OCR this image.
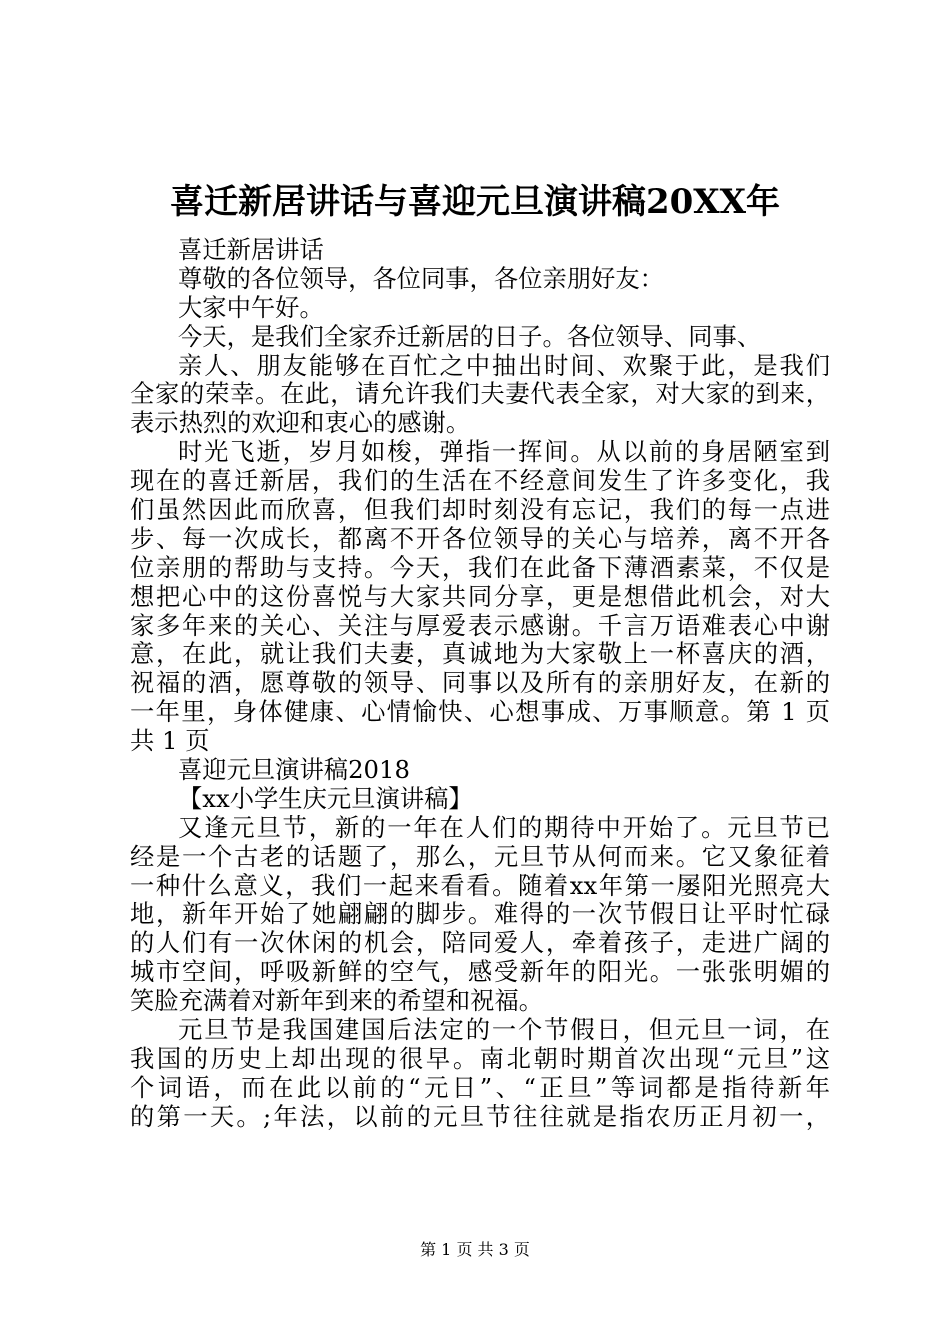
喜迁新居讲话与喜迎元旦演讲稿20XX年
喜迁新居讲话
尊敬的各位领导，各位同事，各位亲朋好友：
大家中午好。
今天，是我们全家乔迁新居的日子。各位领导、同事、
亲人、朋友能够在百忙之中抽出时间、欢聚于此，是我们
全家的荣幸。在此，请允许我们夫妻代表全家，对大家的到来，
表示热烈的欢迎和衷心的感谢。
时光飞逝，岁月如梭，弹指一挥间。从以前的身居陋室到
现在的喜迁新居，我们的生活在不经意间发生了许多变化，我
们虽然因此而欣喜，但我们却时刻没有忘记，我们的每一点进
步、每一次成长，都离不开各位领导的关心与培养，离不开各
位亲朋的帮助与支持。今天，我们在此备下薄酒素菜，不仅是
想把心中的这份喜悦与大家共同分享，更是想借此机会，对大
家多年来的关心、关注与厚爱表示感谢。千言万语难表心中谢
意，在此，就让我们夫妻，真诚地为大家敬上一杯喜庆的酒，
祝福的酒，愿尊敬的领导、同事以及所有的亲朋好友，在新的
一年里，身体健康、心情愉快、心想事成、万事顺意。第 1 页
共 1 页
喜迎元旦演讲稿2018
【xx小学生庆元旦演讲稿】
又逢元旦节，新的一年在人们的期待中开始了。元旦节已
经是一个古老的话题了，那么，元旦节从何而来。它又象征着
一种什么意义，我们一起来看看。随着xx年第一屡阳光照亮大
地，新年开始了她翩翩的脚步。难得的一次节假日让平时忙碌
的人们有一次休闲的机会，陪同爱人，牵着孩子，走进广阔的
城市空间，呼吸新鲜的空气，感受新年的阳光。一张张明媚的
笑脸充满着对新年到来的希望和祝福。
元旦节是我国建国后法定的一个节假日，但元旦一词，在
我国的历史上却出现的很早。南北朝时期首次出现“元旦”这
个词语，而在此以前的“元日”、“正旦”等词都是指待新年
的第一天。;年法，以前的元旦节往往就是指农历正月初一，
第 1 页 共 3 页
